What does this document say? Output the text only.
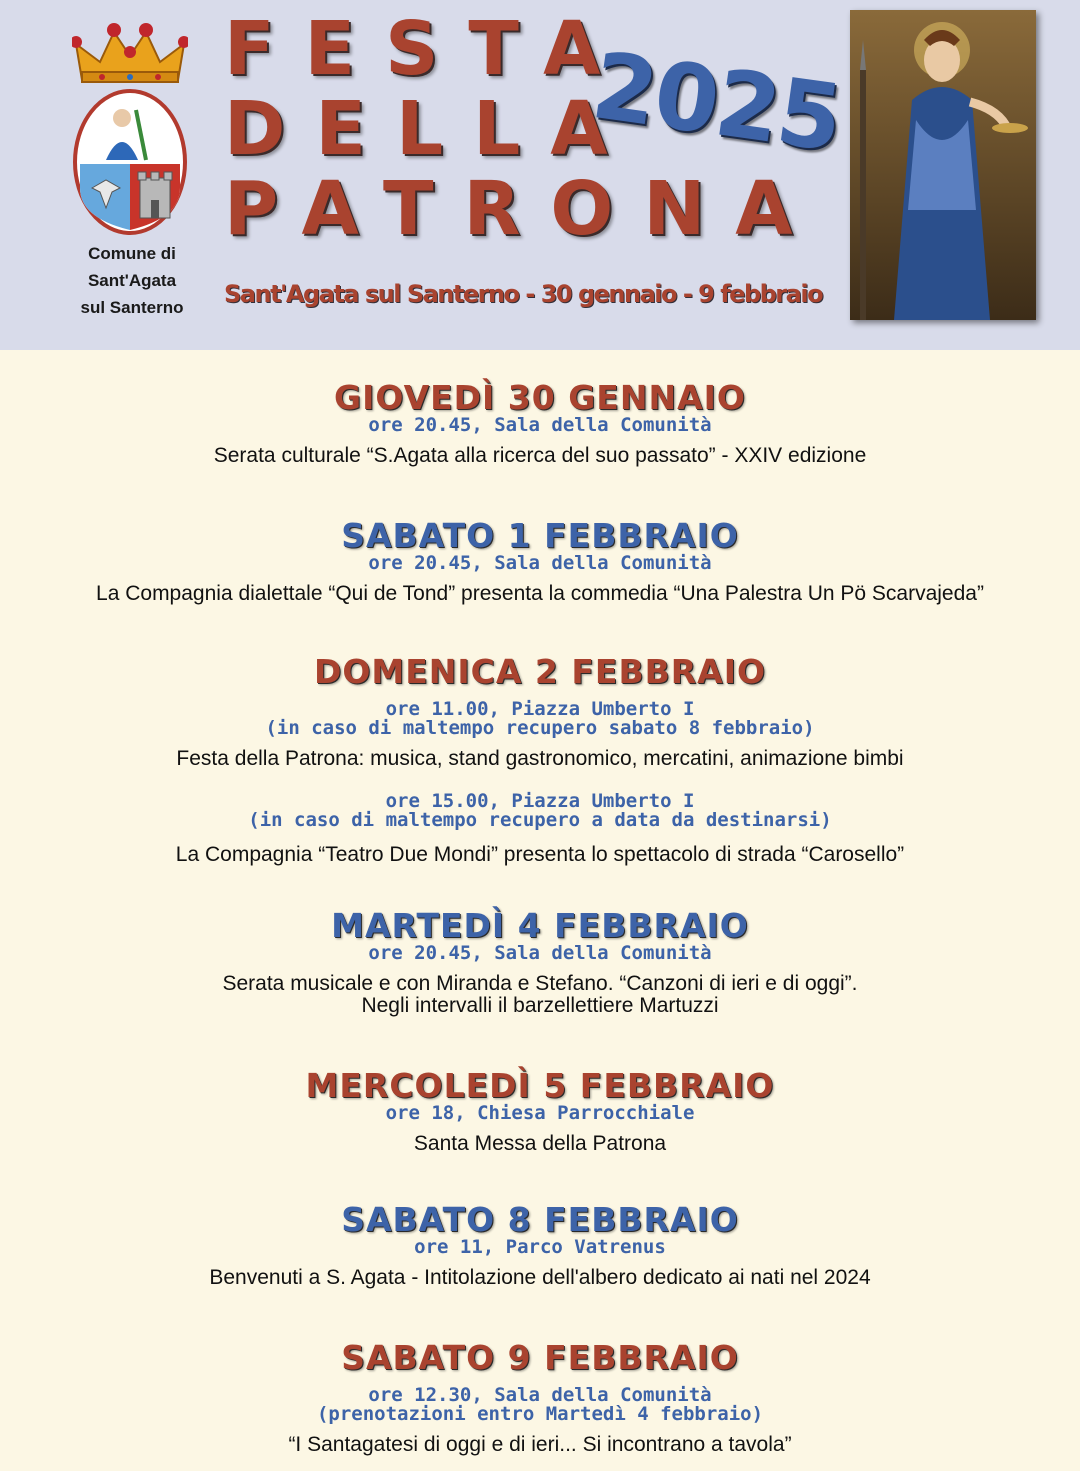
Comune di
Sant'Agata
sul Santerno
FESTA
DELLA
PATRONA
2025
Sant'Agata sul Santerno - 30 gennaio - 9 febbraio
GIOVEDÌ 30 GENNAIO
ore 20.45, Sala della Comunità
Serata culturale “S.Agata alla ricerca del suo passato” - XXIV edizione
SABATO 1 FEBBRAIO
ore 20.45, Sala della Comunità
La Compagnia dialettale “Qui de Tond” presenta la commedia “Una Palestra Un Pö Scarvajeda”
DOMENICA 2 FEBBRAIO
ore 11.00, Piazza Umberto I
(in caso di maltempo recupero sabato 8 febbraio)
Festa della Patrona: musica, stand gastronomico, mercatini, animazione bimbi
ore 15.00, Piazza Umberto I
(in caso di maltempo recupero a data da destinarsi)
La Compagnia “Teatro Due Mondi” presenta lo spettacolo di strada “Carosello”
MARTEDÌ 4 FEBBRAIO
ore 20.45, Sala della Comunità
Serata musicale e con Miranda e Stefano. “Canzoni di ieri e di oggi”.
Negli intervalli il barzellettiere Martuzzi
MERCOLEDÌ 5 FEBBRAIO
ore 18, Chiesa Parrocchiale
Santa Messa della Patrona
SABATO 8 FEBBRAIO
ore 11, Parco Vatrenus
Benvenuti a S. Agata - Intitolazione dell'albero dedicato ai nati nel 2024
SABATO 9 FEBBRAIO
ore 12.30, Sala della Comunità
(prenotazioni entro Martedì 4 febbraio)
“I Santagatesi di oggi e di ieri... Si incontrano a tavola”
